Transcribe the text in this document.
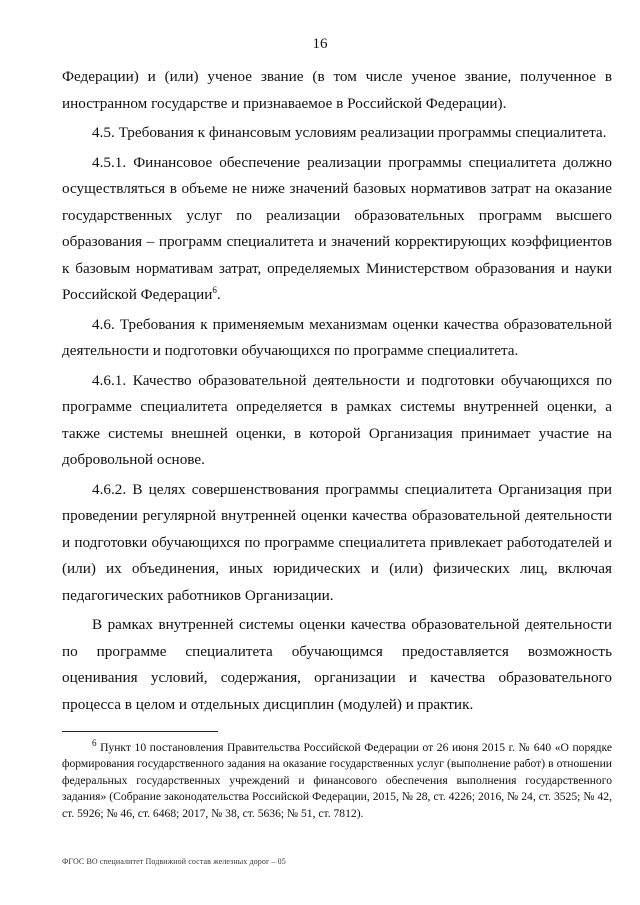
16

Федерации) и (или) ученое звание (в том числе ученое звание, полученное в иностранном государстве и признаваемое в Российской Федерации).

4.5. Требования к финансовым условиям реализации программы специалитета.

4.5.1. Финансовое обеспечение реализации программы специалитета должно осуществляться в объеме не ниже значений базовых нормативов затрат на оказание государственных услуг по реализации образовательных программ высшего образования – программ специалитета и значений корректирующих коэффициентов к базовым нормативам затрат, определяемых Министерством образования и науки Российской Федерации$^6$.

4.6. Требования к применяемым механизмам оценки качества образовательной деятельности и подготовки обучающихся по программе специалитета.

4.6.1. Качество образовательной деятельности и подготовки обучающихся по программе специалитета определяется в рамках системы внутренней оценки, а также системы внешней оценки, в которой Организация принимает участие на добровольной основе.

4.6.2. В целях совершенствования программы специалитета Организация при проведении регулярной внутренней оценки качества образовательной деятельности и подготовки обучающихся по программе специалитета привлекает работодателей и (или) их объединения, иных юридических и (или) физических лиц, включая педагогических работников Организации.

В рамках внутренней системы оценки качества образовательной деятельности по программе специалитета обучающимся предоставляется возможность оценивания условий, содержания, организации и качества образовательного процесса в целом и отдельных дисциплин (модулей) и практик.

$^6$ Пункт 10 постановления Правительства Российской Федерации от 26 июня 2015 г. № 640 «О порядке формирования государственного задания на оказание государственных услуг (выполнение работ) в отношении федеральных государственных учреждений и финансового обеспечения выполнения государственного задания» (Собрание законодательства Российской Федерации, 2015, № 28, ст. 4226; 2016, № 24, ст. 3525; № 42, ст. 5926; № 46, ст. 6468; 2017, № 38, ст. 5636; № 51, ст. 7812).

ФГОС ВО специалитет Подвижной состав железных дорог – 05
